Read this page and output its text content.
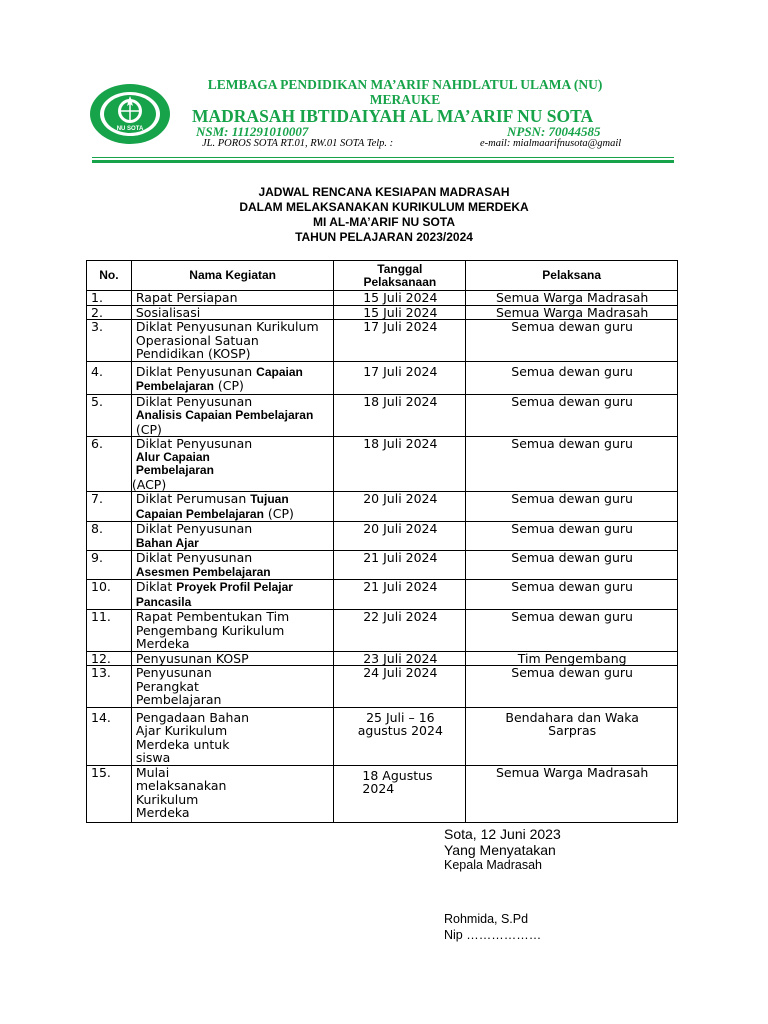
NU SOTA
LEMBAGA PENDIDIKAN MA’ARIF NAHDLATUL ULAMA (NU)
MERAUKE
MADRASAH IBTIDAIYAH AL MA’ARIF NU SOTA
NSM: 111291010007	NPSN: 70044585
JL. POROS SOTA RT.01, RW.01 SOTA Telp. :	e-mail: mialmaarifnusota@gmail
JADWAL RENCANA KESIAPAN MADRASAH
DALAM MELAKSANAKAN KURIKULUM MERDEKA
MI AL-MA’ARIF NU SOTA
TAHUN PELAJARAN 2023/2024
No.	Nama Kegiatan	Tanggal Pelaksanaan	Pelaksana
1.	Rapat Persiapan	15 Juli 2024	Semua Warga Madrasah
2.	Sosialisasi	15 Juli 2024	Semua Warga Madrasah
3.	Diklat Penyusunan Kurikulum Operasional Satuan Pendidikan (KOSP)	17 Juli 2024	Semua dewan guru
4.	Diklat Penyusunan Capaian Pembelajaran (CP)	17 Juli 2024	Semua dewan guru
5.	Diklat Penyusunan
Analisis Capaian Pembelajaran (CP)	18 Juli 2024	Semua dewan guru
6.	Diklat Penyusunan
Alur Capaian Pembelajaran
(ACP)	18 Juli 2024	Semua dewan guru
7.	Diklat Perumusan Tujuan Capaian Pembelajaran (CP)	20 Juli 2024	Semua dewan guru
8.	Diklat Penyusunan
Bahan Ajar	20 Juli 2024	Semua dewan guru
9.	Diklat Penyusunan
Asesmen Pembelajaran	21 Juli 2024	Semua dewan guru
10.	Diklat Proyek Profil Pelajar Pancasila	21 Juli 2024	Semua dewan guru
11.	Rapat Pembentukan Tim Pengembang Kurikulum Merdeka	22 Juli 2024	Semua dewan guru
12.	Penyusunan KOSP	23 Juli 2024	Tim Pengembang
13.	Penyusunan Perangkat Pembelajaran	24 Juli 2024	Semua dewan guru
14.	Pengadaan Bahan Ajar Kurikulum Merdeka untuk siswa	25 Juli – 16 agustus 2024	Bendahara dan Waka Sarpras

15.	Mulai melaksanakan Kurikulum Merdeka	18 Agustus 2024	Semua Warga Madrasah
Sota, 12 Juni 2023
Yang Menyatakan
Kepala Madrasah
Rohmida, S.Pd
Nip ………………
